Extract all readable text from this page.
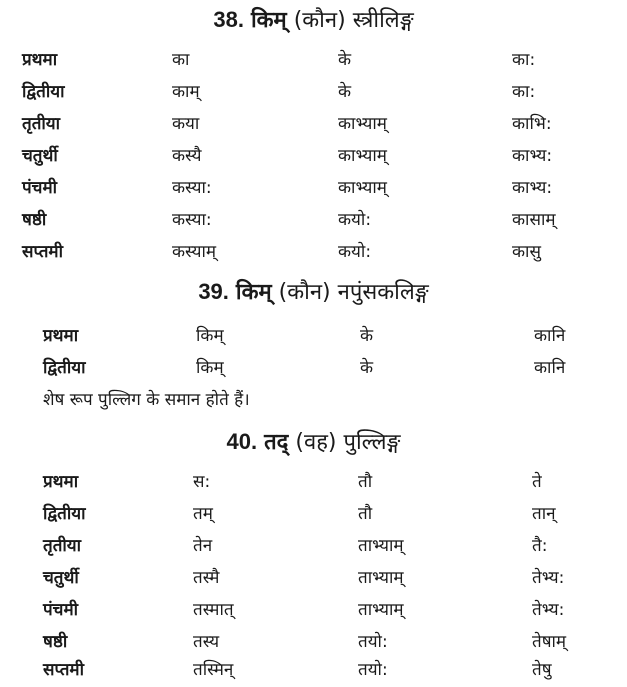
38. किम् (कौन) स्त्रीलिङ्ग
प्रथमा	का	के	का:
द्वितीया	काम्	के	का:
तृतीया	कया	काभ्याम्	काभि:
चतुर्थी	कस्यै	काभ्याम्	काभ्य:
पंचमी	कस्या:	काभ्याम्	काभ्य:
षष्ठी	कस्या:	कयो:	कासाम्
सप्तमी	कस्याम्	कयो:	कासु
39. किम् (कौन) नपुंसकलिङ्ग
प्रथमा	किम्	के	कानि
द्वितीया	किम्	के	कानि
शेष रूप पुल्लिग के समान होते हैं।
40. तद् (वह) पुल्लिङ्ग
प्रथमा	स:	तौ	ते
द्वितीया	तम्	तौ	तान्
तृतीया	तेन	ताभ्याम्	तै:
चतुर्थी	तस्मै	ताभ्याम्	तेभ्य:
पंचमी	तस्मात्	ताभ्याम्	तेभ्य:
षष्ठी	तस्य	तयो:	तेषाम्
सप्तमी	तस्मिन्	तयो:	तेषु
